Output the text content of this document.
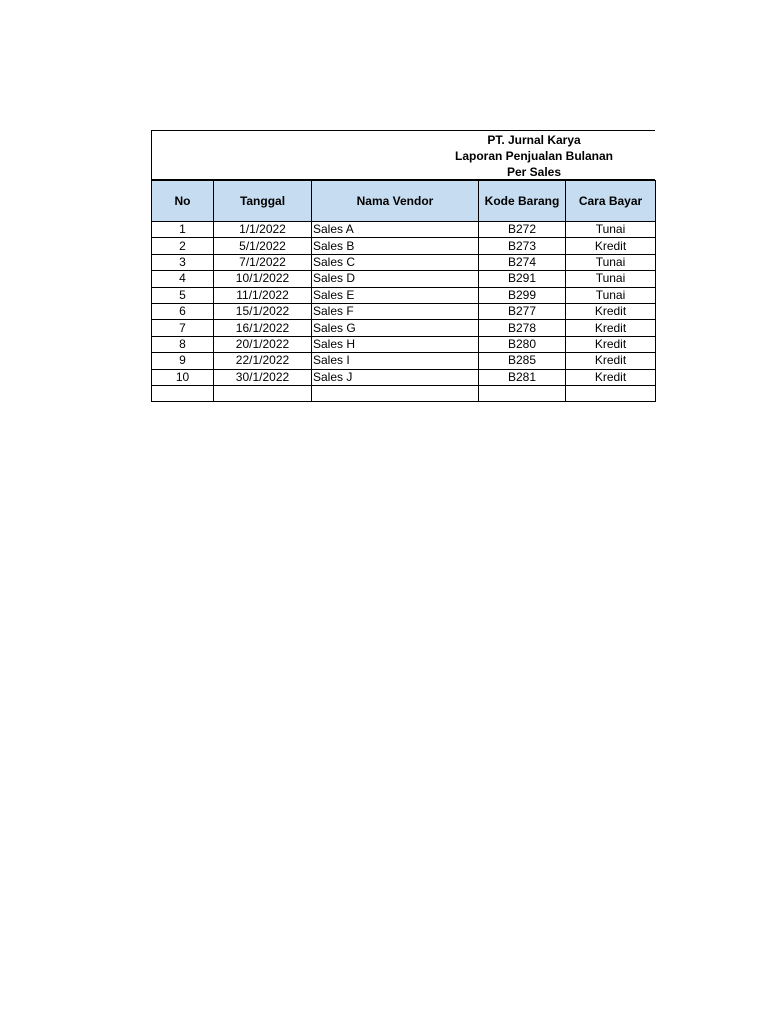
PT. Jurnal Karya
Laporan Penjualan Bulanan
Per Sales
No	Tanggal	Nama Vendor	Kode Barang	Cara Bayar
1	1/1/2022	Sales A	B272	Tunai
2	5/1/2022	Sales B	B273	Kredit
3	7/1/2022	Sales C	B274	Tunai
4	10/1/2022	Sales D	B291	Tunai
5	11/1/2022	Sales E	B299	Tunai
6	15/1/2022	Sales F	B277	Kredit
7	16/1/2022	Sales G	B278	Kredit
8	20/1/2022	Sales H	B280	Kredit
9	22/1/2022	Sales I	B285	Kredit
10	30/1/2022	Sales J	B281	Kredit
